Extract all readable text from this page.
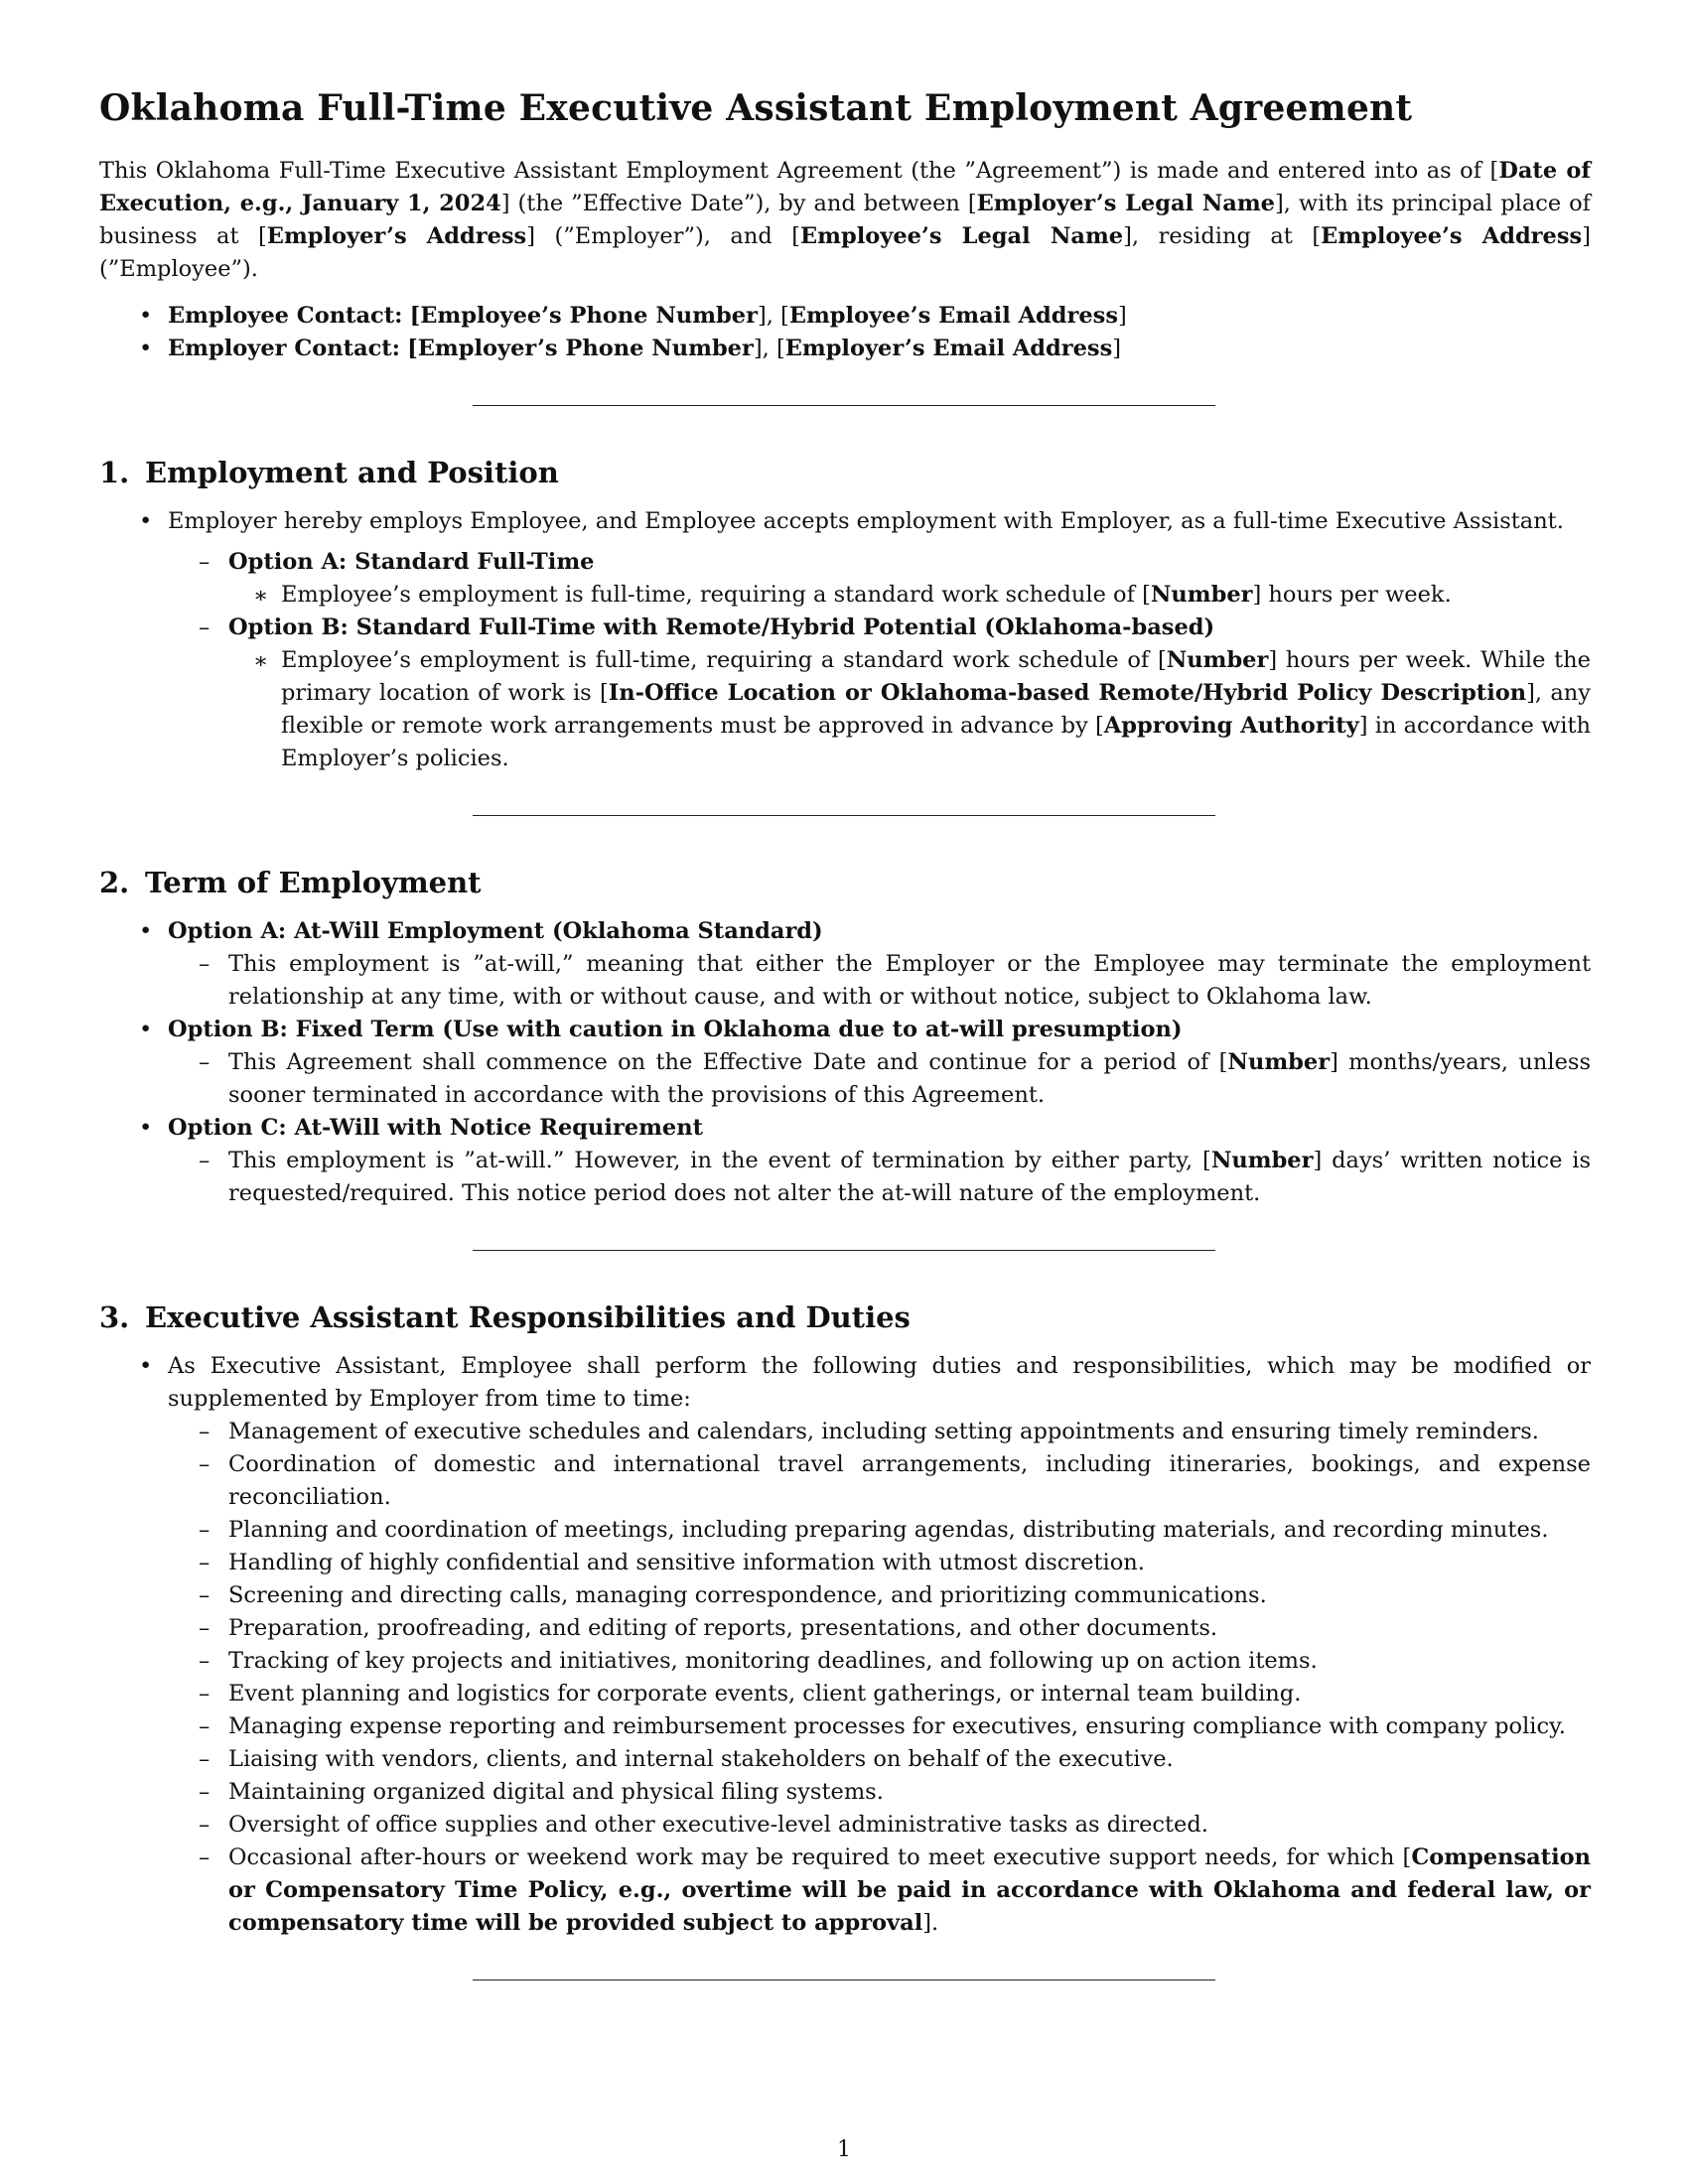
Oklahoma Full-Time Executive Assistant Employment Agreement

This Oklahoma Full-Time Executive Assistant Employment Agreement (the ”Agreement”) is made and entered into as of [Date of Execution, e.g., January 1, 2024] (the ”Effective Date”), by and between [Employer’s Legal Name], with its principal place of business at [Employer’s Address] (”Employer”), and [Employee’s Legal Name], residing at [Employee’s Address] (”Employee”).

• Employee Contact: [Employee’s Phone Number], [Employee’s Email Address]
• Employer Contact: [Employer’s Phone Number], [Employer’s Email Address]
1. Employment and Position
• Employer hereby employs Employee, and Employee accepts employment with Employer, as a full-time Executive Assistant.
– Option A: Standard Full-Time
∗ Employee’s employment is full-time, requiring a standard work schedule of [Number] hours per week.
– Option B: Standard Full-Time with Remote/Hybrid Potential (Oklahoma-based)
∗ Employee’s employment is full-time, requiring a standard work schedule of [Number] hours per week. While the primary location of work is [In-Office Location or Oklahoma-based Remote/Hybrid Policy Description], any flexible or remote work arrangements must be approved in advance by [Approving Authority] in accordance with Employer’s policies.
2. Term of Employment
• Option A: At-Will Employment (Oklahoma Standard)
– This employment is ”at-will,” meaning that either the Employer or the Employee may terminate the employment relationship at any time, with or without cause, and with or without notice, subject to Oklahoma law.
• Option B: Fixed Term (Use with caution in Oklahoma due to at-will presumption)
– This Agreement shall commence on the Effective Date and continue for a period of [Number] months/years, unless sooner terminated in accordance with the provisions of this Agreement.
• Option C: At-Will with Notice Requirement
– This employment is ”at-will.” However, in the event of termination by either party, [Number] days’ written notice is requested/required. This notice period does not alter the at-will nature of the employment.
3. Executive Assistant Responsibilities and Duties
• As Executive Assistant, Employee shall perform the following duties and responsibilities, which may be modified or supplemented by Employer from time to time:
– Management of executive schedules and calendars, including setting appointments and ensuring timely reminders.
– Coordination of domestic and international travel arrangements, including itineraries, bookings, and expense reconciliation.
– Planning and coordination of meetings, including preparing agendas, distributing materials, and recording minutes.
– Handling of highly confidential and sensitive information with utmost discretion.
– Screening and directing calls, managing correspondence, and prioritizing communications.
– Preparation, proofreading, and editing of reports, presentations, and other documents.
– Tracking of key projects and initiatives, monitoring deadlines, and following up on action items.
– Event planning and logistics for corporate events, client gatherings, or internal team building.
– Managing expense reporting and reimbursement processes for executives, ensuring compliance with company policy.
– Liaising with vendors, clients, and internal stakeholders on behalf of the executive.
– Maintaining organized digital and physical filing systems.
– Oversight of office supplies and other executive-level administrative tasks as directed.
– Occasional after-hours or weekend work may be required to meet executive support needs, for which [Compensation or Compensatory Time Policy, e.g., overtime will be paid in accordance with Oklahoma and federal law, or compensatory time will be provided subject to approval].
1
